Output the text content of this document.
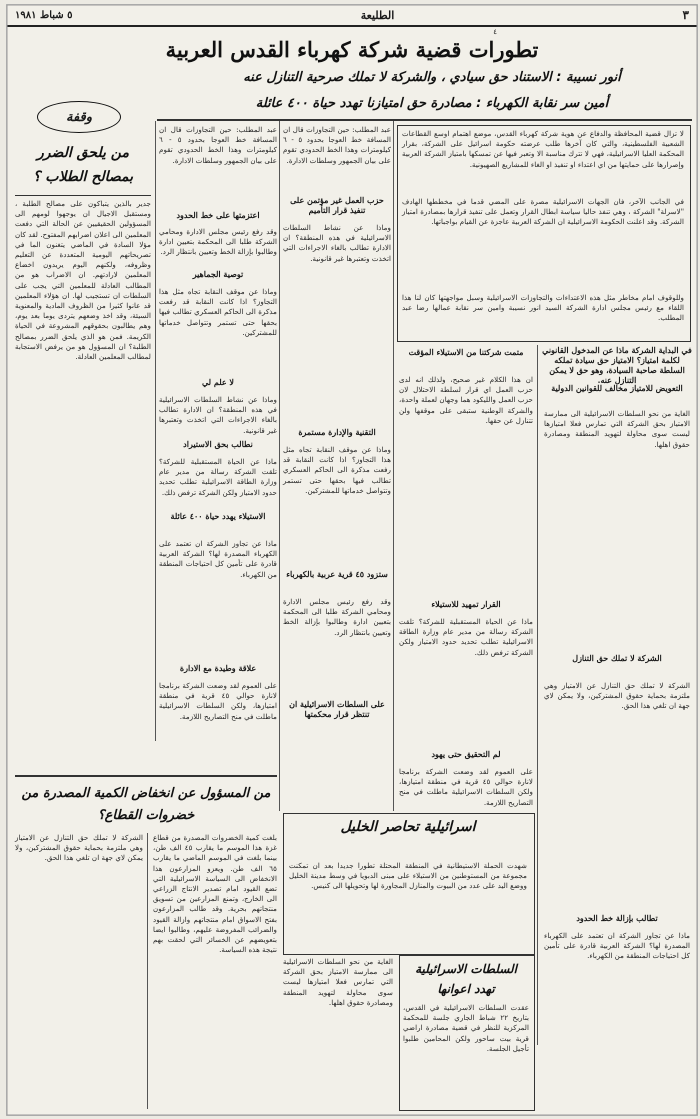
٣
الطليعة
٥ شباط ١٩٨١
٤
تطورات قضية شركة كهرباء القدس العربية
أنور نسيبة : الاستناد حق سيادي ، والشركة لا تملك صرحية التنازل عنه
أمين سر نقابة الكهرباء : مصادرة حق امتيازنا تهدد حياة ٤٠٠ عائلة
لا تزال قضية المحافظة والدفاع عن هوية شركة كهرباء القدس، موضع اهتمام اوسع القطاعات الشعبية الفلسطينية، والتي كان آخرها طلب عرضته حكومة اسرائيل على الشركة، بقرار المحكمة العليا الاسرائيلية، فهي لا تترك مناسبة الا وتعبر فيها عن تمسكها بامتياز الشركة العربية وإصرارها على حمايتها من اي اعتداء او تنفيذ او الغاء للمشاريع الصهيونية.
في الجانب الآخر، فان الجهات الاسرائيلية مصرة على المضي قدما في مخططها الهادف "لاسرلة" الشركة ، وهي تنفذ حاليا سياسة ابطال القرار وتعمل على تنفيذ قرارها بمصادرة امتياز الشركة. وقد اعلنت الحكومة الاسرائيلية ان الشركة العربية عاجزة عن القيام بواجباتها.
وللوقوف امام مخاطر مثل هذه الاعتداءات والتجاوزات الاسرائيلية وسبل مواجهتها كان لنا هذا اللقاء مع رئيس مجلس ادارة الشركة السيد انور نسيبة وامين سر نقابة عمالها رضا عبد المطلب.
في البداية الشركة ماذا عن المدخول القانوني لكلمة امتياز؟ الامتياز حق سيادة تملكه السلطة صاحبة السيادة، وهو حق لا يمكن التنازل عنه.
التعويض للامتياز مخالف للقوانين الدولية
الغاية من نحو السلطات الاسرائيلية الى ممارسة الامتياز بحق الشركة التي تمارس فعلا امتيازها ليست سوى محاولة لتهويد المنطقة ومصادرة حقوق اهلها.
الشركة لا تملك حق التنازل
الشركة لا تملك حق التنازل عن الامتياز وهي ملتزمة بحماية حقوق المشتركين، ولا يمكن لاي جهة ان تلغي هذا الحق.
تطالب بإزالة خط الحدود
ماذا عن تجاوز الشركة ان تعتمد على الكهرباء المصدرة لها؟ الشركة العربية قادرة على تأمين كل احتياجات المنطقة من الكهرباء.
متمت شركتنا من الاستيلاء المؤقت
ان هذا الكلام غير صحيح، ولذلك انه لدى حزب العمل اي قرار لسلطة الاحتلال لان حزب العمل والليكود هما وجهان لعملة واحدة، والشركة الوطنية ستبقى على موقفها ولن تتنازل عن حقها.
القرار تمهيد للاستيلاء
ماذا عن الحياة المستقبلية للشركة؟ تلقت الشركة رسالة من مدير عام وزارة الطاقة الاسرائيلية تطلب تحديد حدود الامتياز ولكن الشركة ترفض ذلك.
لم التحقيق حتى يهود
على العموم لقد وضعت الشركة برنامجا لانارة حوالي ٤٥ قرية في منطقة امتيازها، ولكن السلطات الاسرائيلية ماطلت في منح التصاريح اللازمة.
حزب العمل غير مؤتمن على تنفيذ قرار التأميم
عبد المطلب: حين التجاوزات قال ان المسافة خط العوجا بحدود ٥ - ٦ كيلومترات وهذا الخط الحدودي تقوم على بيان الجمهور وسلطات الادارة.
وماذا عن نشاط السلطات الاسرائيلية في هذه المنطقة؟ ان الادارة تطالب بالغاء الاجراءات التي اتخذت وتعتبرها غير قانونية.
التقنية والإدارة مستمرة
وماذا عن موقف النقابة تجاه مثل هذا التجاوز؟ اذا كانت النقابة قد رفعت مذكرة الى الحاكم العسكري تطالب فيها بحقها حتى تستمر وتتواصل خدماتها للمشتركين.
ستزود ٤٥ قرية عربية بالكهرباء
وقد رفع رئيس مجلس الادارة ومحامي الشركة طلبا الى المحكمة بتعيين ادارة وطالبوا بإزالة الخط وتعيين بانتظار الرد.
على السلطات الاسرائيلية ان تنتظر قرار محكمتها
اعتزمتها على خط الحدود
عبد المطلب: حين التجاوزات قال ان المسافة خط العوجا بحدود ٥ - ٦ كيلومترات وهذا الخط الحدودي تقوم على بيان الجمهور وسلطات الادارة.
وقد رفع رئيس مجلس الادارة ومحامي الشركة طلبا الى المحكمة بتعيين ادارة وطالبوا بإزالة الخط وتعيين بانتظار الرد.
توصية الجماهير
وماذا عن موقف النقابة تجاه مثل هذا التجاوز؟ اذا كانت النقابة قد رفعت مذكرة الى الحاكم العسكري تطالب فيها بحقها حتى تستمر وتتواصل خدماتها للمشتركين.
لا علم لي
وماذا عن نشاط السلطات الاسرائيلية في هذه المنطقة؟ ان الادارة تطالب بالغاء الاجراءات التي اتخذت وتعتبرها غير قانونية.
نطالب بحق الاستيراد
ماذا عن الحياة المستقبلية للشركة؟ تلقت الشركة رسالة من مدير عام وزارة الطاقة الاسرائيلية تطلب تحديد حدود الامتياز ولكن الشركة ترفض ذلك.
الاستيلاء يهدد حياة ٤٠٠ عائلة
ماذا عن تجاوز الشركة ان تعتمد على الكهرباء المصدرة لها؟ الشركة العربية قادرة على تأمين كل احتياجات المنطقة من الكهرباء.
علاقة وطيدة مع الادارة
على العموم لقد وضعت الشركة برنامجا لانارة حوالي ٤٥ قرية في منطقة امتيازها، ولكن السلطات الاسرائيلية ماطلت في منح التصاريح اللازمة.
وقفة
من يلحق الضرر بمصالح الطلاب ؟
جدير بالذين يتباكون على مصالح الطلبة ، ومستقبل الاجيال ان يوجهوا لومهم الى المسؤولين الحقيقيين عن الحالة التي دفعت المعلمين الى اعلان اضرابهم المفتوح. لقد كان مؤلا السادة في الماضي يتغنون الما في تصريحاتهم اليومية المتعددة عن التعليم وظروفه، ولكنهم اليوم يريدون اخضاع المعلمين لارادتهم. ان الاضراب هو من المطالب العادلة للمعلمين التي يجب على السلطات ان تستجيب لها. ان هؤلاء المعلمين قد عانوا كثيرا من الظروف المادية والمعنوية السيئة، وقد اخذ وضعهم يتردى يوما بعد يوم، وهم يطالبون بحقوقهم المشروعة في الحياة الكريمة. فمن هو الذي يلحق الضرر بمصالح الطلبة؟ ان المسؤول هو من يرفض الاستجابة لمطالب المعلمين العادلة.
اسرائيلية تحاصر الخليل
شهدت الحملة الاستيطانية في المنطقة المحتلة تطورا جديدا بعد ان تمكنت مجموعة من المستوطنين من الاستيلاء على مبنى الدبويا في وسط مدينة الخليل ووضع اليد على عدد من البيوت والمنازل المجاورة لها وتحويلها الى كنيس.
السلطات الاسرائيلية تهدد اعوانها
عقدت السلطات الاسرائيلية في القدس، بتاريخ ٢٢ شباط الجاري جلسة للمحكمة المركزية للنظر في قضية مصادرة اراضي قرية بيت ساحور ولكن المحامين طلبوا تأجيل الجلسة.
من المسؤول عن انخفاض الكمية المصدرة من خضروات القطاع؟
بلغت كمية الخضروات المصدرة من قطاع غزة هذا الموسم ما يقارب ٤٥ الف طن، بينما بلغت في الموسم الماضي ما يقارب ٦٥ الف طن. ويعزو المزارعون هذا الانخفاض الى السياسة الاسرائيلية التي تضع القيود امام تصدير الانتاج الزراعي الى الخارج، وتمنع المزارعين من تسويق منتجاتهم بحرية. وقد طالب المزارعون بفتح الاسواق امام منتجاتهم وازالة القيود والضرائب المفروضة عليهم، وطالبوا ايضا بتعويضهم عن الخسائر التي لحقت بهم نتيجة هذه السياسة.
الشركة لا تملك حق التنازل عن الامتياز وهي ملتزمة بحماية حقوق المشتركين، ولا يمكن لاي جهة ان تلغي هذا الحق.
الغاية من نحو السلطات الاسرائيلية الى ممارسة الامتياز بحق الشركة التي تمارس فعلا امتيازها ليست سوى محاولة لتهويد المنطقة ومصادرة حقوق اهلها.
